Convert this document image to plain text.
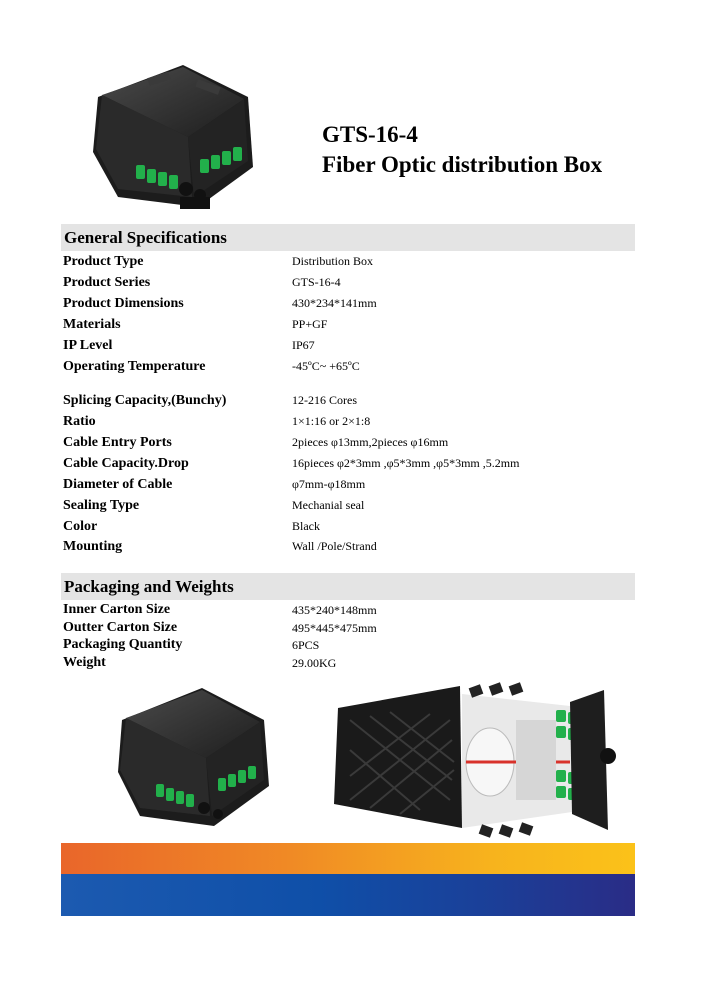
GTS-16-4
Fiber Optic distribution Box
General Specifications
Product Type	Distribution Box
Product Series	GTS-16-4
Product Dimensions	430*234*141mm
Materials	PP+GF
IP Level	IP67
Operating Temperature	-45ºC~ +65ºC
Splicing Capacity,(Bunchy)	12-216 Cores
Ratio	1×1:16 or 2×1:8
Cable Entry Ports	2pieces φ13mm,2pieces φ16mm
Cable Capacity.Drop	16pieces φ2*3mm ,φ5*3mm ,φ5*3mm ,5.2mm
Diameter of Cable	φ7mm-φ18mm
Sealing Type	Mechanial seal
Color	Black
Mounting	Wall /Pole/Strand
Packaging and Weights
Inner Carton Size	435*240*148mm
Outter Carton Size	495*445*475mm
Packaging Quantity	6PCS
Weight	29.00KG
